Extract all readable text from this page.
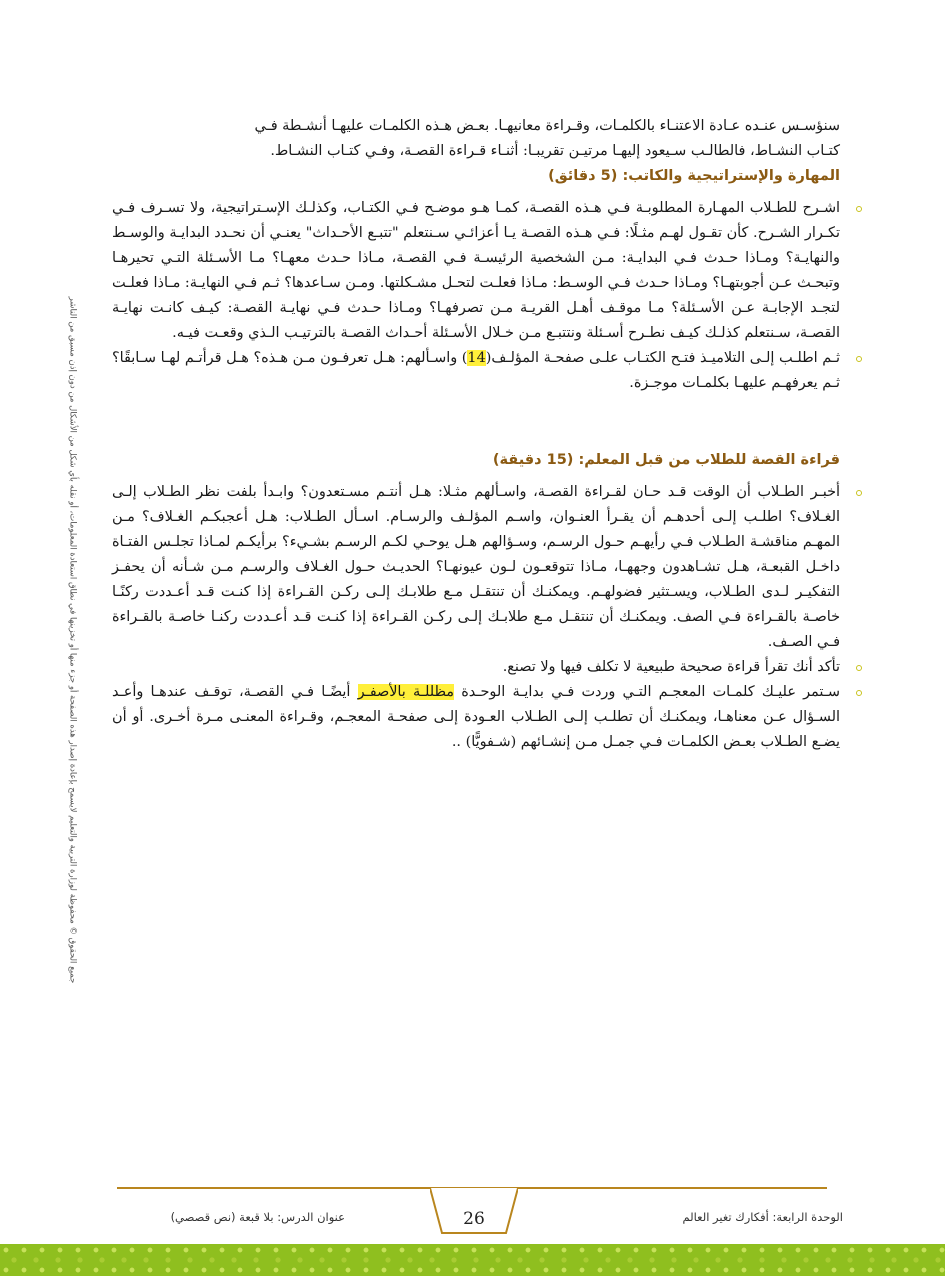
جميع الحقوق © محفوظة لوزارة التربية والتعليم لايسمح بإعادة إصدار هذه الصفحة أو جزء منها أو تخزينها في نطاق استعادة المعلومات، أو نقله بأي شكل من الأشكال من دون إذن مسبق من الناشر

سنؤسـس عنـده عـادة الاعتنـاء بالكلمـات، وقـراءة معانيهـا. بعـض هـذه الكلمـات عليهـا أنشـطة فـي

كتـاب النشـاط، فالطالـب سـيعود إليهـا مرتيـن تقريبـا: أثنـاء قـراءة القصـة، وفـي كتـاب النشـاط.

المهارة والإستراتيجية والكاتب: (5 دقائق)

اشـرح للطـلاب المهـارة المطلوبـة فـي هـذه القصـة، كمـا هـو موضـح فـي الكتـاب، وكذلـك الإسـتراتيجية، ولا تسـرف فـي تكـرار الشـرح. كأن تقـول لهـم مثـلًا: فـي هـذه القصـة يـا أعزائـي سـنتعلم "تتبـع الأحـداث" يعنـي أن نحـدد البدايـة والوسـط والنهايـة؟ ومـاذا حـدث فـي البدايـة: مـن الشخصية الرئيسـة فـي القصـة، مـاذا حـدث معهـا؟ مـا الأسـئلة التـي تحيرهـا وتبحـث عـن أجوبتهـا؟ ومـاذا حـدث فـي الوسـط: مـاذا فعلـت لتحـل مشـكلتها. ومـن سـاعدها؟ ثـم فـي النهايـة: مـاذا فعلـت لتجـد الإجابـة عـن الأسـئلة؟ مـا موقـف أهـل القريـة مـن تصرفهـا؟ ومـاذا حـدث فـي نهايـة القصـة: كيـف كانـت نهايـة القصـة، سـنتعلم كذلـك كيـف نطـرح أسـئلة ونتتبـع مـن خـلال الأسـئلة أحـداث القصـة بالترتيـب الـذي وقعـت فيـه.
ثـم اطلـب إلـى التلاميـذ فتـح الكتـاب علـى صفحـة المؤلـف(14) واسـألهم: هـل تعرفـون مـن هـذه؟ هـل قرأتـم لهـا سـابقًا؟ ثـم يعرفهـم عليهـا بكلمـات موجـزة.

قراءة القصة للطلاب من قبل المعلم: (15 دقيقة)

أخبـر الطـلاب أن الوقت قـد حـان لقـراءة القصـة، واسـألهم مثـلا: هـل أنتـم مسـتعدون؟ وابـدأ بلفت نظر الطـلاب إلـى الغـلاف؟ اطلـب إلـى أحدهـم أن يقـرأ العنـوان، واسـم المؤلـف والرسـام. اسـأل الطـلاب: هـل أعجبكـم الغـلاف؟ مـن المهـم مناقشـة الطـلاب فـي رأيهـم حـول الرسـم، وسـؤالهم هـل يوحـي لكـم الرسـم بشـيء؟ برأيكـم لمـاذا تجلـس الفتـاة داخـل القبعـة، هـل تشـاهدون وجههـا، مـاذا تتوقعـون لـون عيونهـا؟ الحديـث حـول الغـلاف والرسـم مـن شـأنه أن يحفـز التفكيـر لـدى الطـلاب، ويسـتثير فضولهـم. ويمكنـك أن تنتقـل مـع طلابـك إلـى ركـن القـراءة إذا كنـت قـد أعـددت ركنًـا خاصـة بالقـراءة فـي الصف. ويمكنـك أن تنتقـل مـع طلابـك إلـى ركـن القـراءة إذا كنـت قـد أعـددت ركنـا خاصـة بالقـراءة فـي الصـف.
تأكد أنك تقرأ قراءة صحيحة طبيعية لا تكلف فيها ولا تصنع.
سـتمر عليـك كلمـات المعجـم التـي وردت فـي بدايـة الوحـدة مظللـة بالأصفـر أيضًـا فـي القصـة، توقـف عندهـا وأعـد السـؤال عـن معناهـا، ويمكنـك أن تطلـب إلـى الطـلاب العـودة إلـى صفحـة المعجـم، وقـراءة المعنـى مـرة أخـرى. أو أن يضـع الطـلاب بعـض الكلمـات فـي جمـل مـن إنشـائهم (شـفويًّا) ..
26	الوحدة الرابعة: أفكارك تغير العالم
عنوان الدرس: بلا قبعة (نص قصصي)
